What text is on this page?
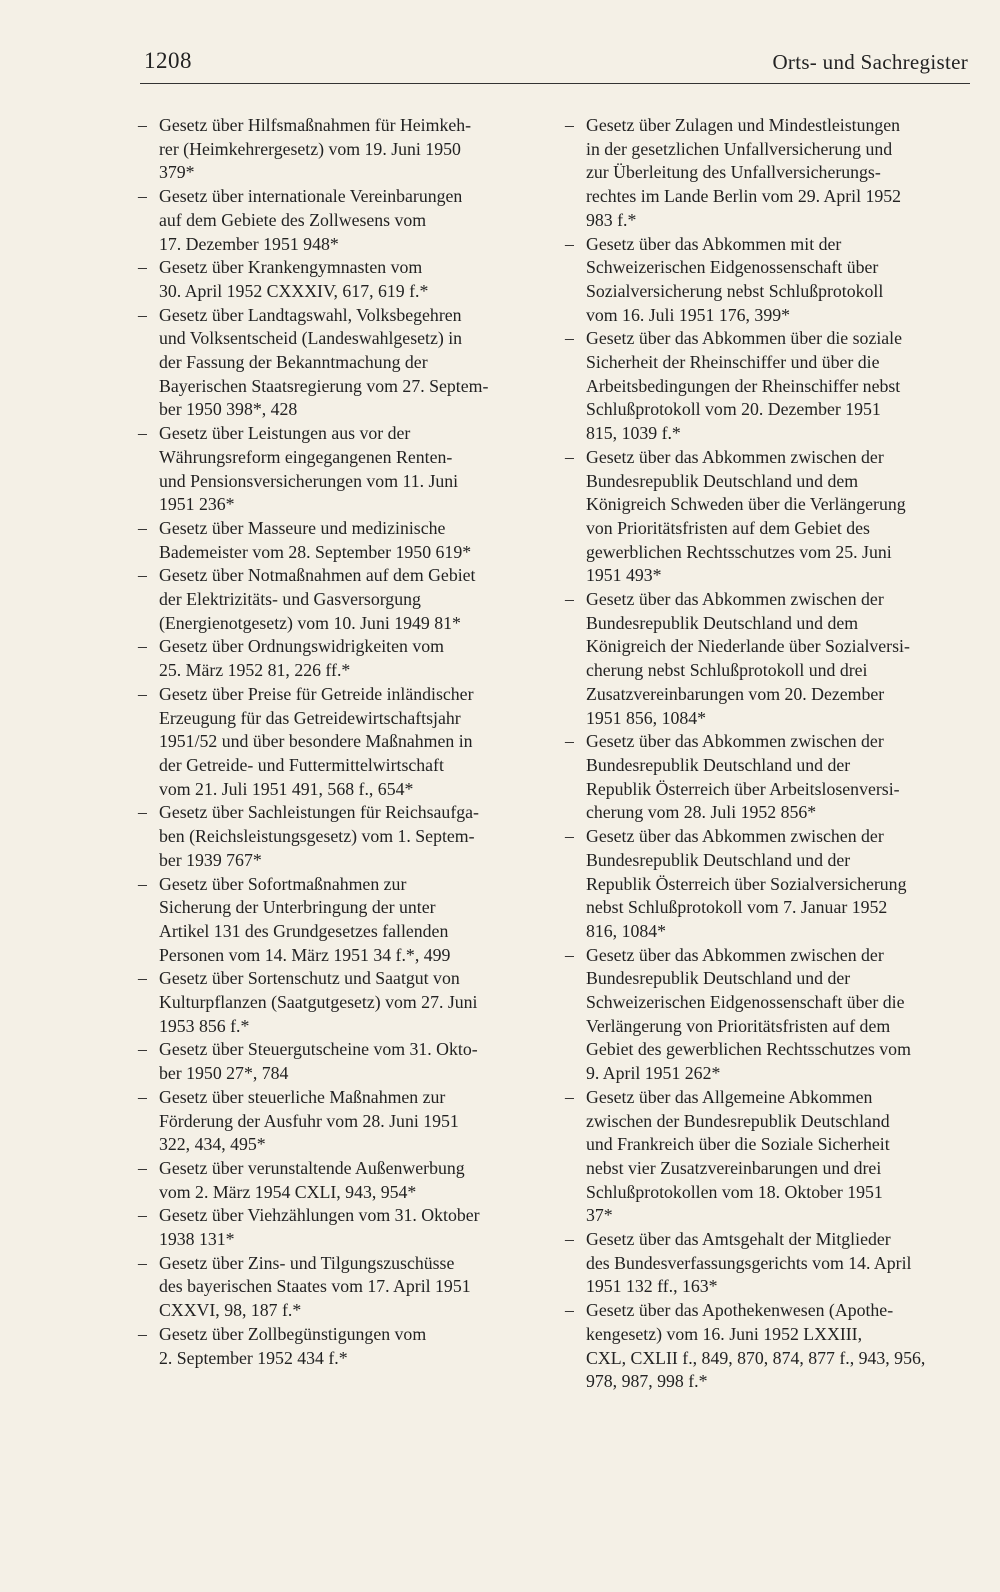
1208	Orts- und Sachregister

– Gesetz über Hilfsmaßnahmen für Heimkeh-
rer (Heimkehrergesetz) vom 19. Juni 1950
379*

– Gesetz über internationale Vereinbarungen
auf dem Gebiete des Zollwesens vom
17. Dezember 1951 948*

– Gesetz über Krankengymnasten vom
30. April 1952 CXXXIV, 617, 619 f.*

– Gesetz über Landtagswahl, Volksbegehren
und Volksentscheid (Landeswahlgesetz) in
der Fassung der Bekanntmachung der
Bayerischen Staatsregierung vom 27. Septem-
ber 1950 398*, 428

– Gesetz über Leistungen aus vor der
Währungsreform eingegangenen Renten-
und Pensionsversicherungen vom 11. Juni
1951 236*

– Gesetz über Masseure und medizinische
Bademeister vom 28. September 1950 619*

– Gesetz über Notmaßnahmen auf dem Gebiet
der Elektrizitäts- und Gasversorgung
(Energienotgesetz) vom 10. Juni 1949 81*

– Gesetz über Ordnungswidrigkeiten vom
25. März 1952 81, 226 ff.*

– Gesetz über Preise für Getreide inländischer
Erzeugung für das Getreidewirtschaftsjahr
1951/52 und über besondere Maßnahmen in
der Getreide- und Futtermittelwirtschaft
vom 21. Juli 1951 491, 568 f., 654*

– Gesetz über Sachleistungen für Reichsaufga-
ben (Reichsleistungsgesetz) vom 1. Septem-
ber 1939 767*

– Gesetz über Sofortmaßnahmen zur
Sicherung der Unterbringung der unter
Artikel 131 des Grundgesetzes fallenden
Personen vom 14. März 1951 34 f.*, 499

– Gesetz über Sortenschutz und Saatgut von
Kulturpflanzen (Saatgutgesetz) vom 27. Juni
1953 856 f.*

– Gesetz über Steuergutscheine vom 31. Okto-
ber 1950 27*, 784

– Gesetz über steuerliche Maßnahmen zur
Förderung der Ausfuhr vom 28. Juni 1951
322, 434, 495*

– Gesetz über verunstaltende Außenwerbung
vom 2. März 1954 CXLI, 943, 954*

– Gesetz über Viehzählungen vom 31. Oktober
1938 131*

– Gesetz über Zins- und Tilgungszuschüsse
des bayerischen Staates vom 17. April 1951
CXXVI, 98, 187 f.*

– Gesetz über Zollbegünstigungen vom
2. September 1952 434 f.*

– Gesetz über Zulagen und Mindestleistungen
in der gesetzlichen Unfallversicherung und
zur Überleitung des Unfallversicherungs-
rechtes im Lande Berlin vom 29. April 1952
983 f.*

– Gesetz über das Abkommen mit der
Schweizerischen Eidgenossenschaft über
Sozialversicherung nebst Schlußprotokoll
vom 16. Juli 1951 176, 399*

– Gesetz über das Abkommen über die soziale
Sicherheit der Rheinschiffer und über die
Arbeitsbedingungen der Rheinschiffer nebst
Schlußprotokoll vom 20. Dezember 1951
815, 1039 f.*

– Gesetz über das Abkommen zwischen der
Bundesrepublik Deutschland und dem
Königreich Schweden über die Verlängerung
von Prioritätsfristen auf dem Gebiet des
gewerblichen Rechtsschutzes vom 25. Juni
1951 493*

– Gesetz über das Abkommen zwischen der
Bundesrepublik Deutschland und dem
Königreich der Niederlande über Sozialversi-
cherung nebst Schlußprotokoll und drei
Zusatzvereinbarungen vom 20. Dezember
1951 856, 1084*

– Gesetz über das Abkommen zwischen der
Bundesrepublik Deutschland und der
Republik Österreich über Arbeitslosenversi-
cherung vom 28. Juli 1952 856*

– Gesetz über das Abkommen zwischen der
Bundesrepublik Deutschland und der
Republik Österreich über Sozialversicherung
nebst Schlußprotokoll vom 7. Januar 1952
816, 1084*

– Gesetz über das Abkommen zwischen der
Bundesrepublik Deutschland und der
Schweizerischen Eidgenossenschaft über die
Verlängerung von Prioritätsfristen auf dem
Gebiet des gewerblichen Rechtsschutzes vom
9. April 1951 262*

– Gesetz über das Allgemeine Abkommen
zwischen der Bundesrepublik Deutschland
und Frankreich über die Soziale Sicherheit
nebst vier Zusatzvereinbarungen und drei
Schlußprotokollen vom 18. Oktober 1951
37*

– Gesetz über das Amtsgehalt der Mitglieder
des Bundesverfassungsgerichts vom 14. April
1951 132 ff., 163*

– Gesetz über das Apothekenwesen (Apothe-
kengesetz) vom 16. Juni 1952 LXXIII,
CXL, CXLII f., 849, 870, 874, 877 f., 943, 956,
978, 987, 998 f.*
